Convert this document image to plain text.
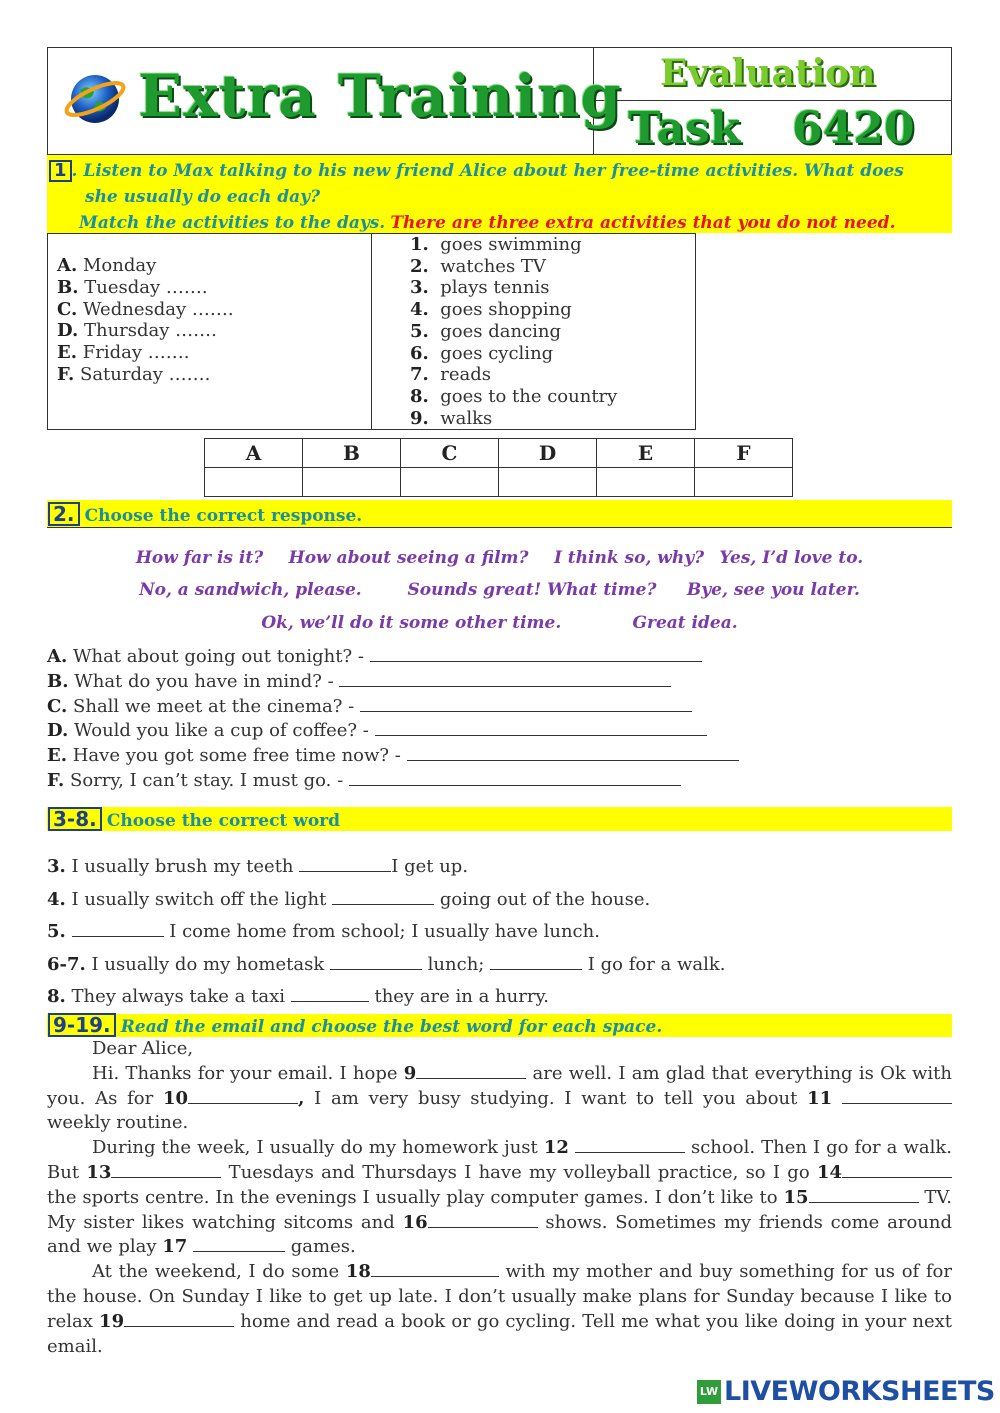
Extra Training Evaluation
Task 6420
1 . Listen to Max talking to his new friend Alice about her free-time activities. What does
she usually do each day?
Match the activities to the days. There are three extra activities that you do not need.
A. Monday
B. Tuesday …….
C. Wednesday …….
D. Thursday …….
E. Friday …….
F. Saturday …….
1. goes swimming
2. watches TV
3. plays tennis
4. goes shopping
5. goes dancing
6. goes cycling
7. reads
8. goes to the country
9. walks
A	B	C	D	E	F

2. Choose the correct response.
How far is it? How about seeing a film? I think so, why? Yes, I’d love to.
No, a sandwich, please.	Sounds great! What time? Bye, see you later.
Ok, we’ll do it some other time.	Great idea.
A. What about going out tonight? -
B. What do you have in mind? -
C. Shall we meet at the cinema? -
D. Would you like a cup of coffee? -
E. Have you got some free time now? -
F. Sorry, I can’t stay. I must go. -
3-8. Choose the correct word
3. I usually brush my teeth	I get up.
4. I usually switch off the light	going out of the house.
5.	I come home from school; I usually have lunch.
6-7. I usually do my hometask	lunch;	I go for a walk.
8. They always take a taxi	they are in a hurry.
9-19. Read the email and choose the best word for each space.
Dear Alice,
Hi. Thanks for your email. I hope 9	are well. I am glad that everything is Ok with you. As for 10	, I am very busy studying. I want to tell you about 11  weekly routine.
During the week, I usually do my homework just 12	school. Then I go for a walk. But 13	Tuesdays and Thursdays I have my volleyball practice, so I go 14 the sports centre. In the evenings I usually play computer games. I don’t like to 15	TV. My sister likes watching sitcoms and 16	shows. Sometimes my friends come around and we play 17	games.
At the weekend, I do some 18	with my mother and buy something for us of for the house. On Sunday I like to get up late. I don’t usually make plans for Sunday because I like to relax 19	home and read a book or go cycling. Tell me what you like doing in your next email.
LW LIVEWORKSHEETS
